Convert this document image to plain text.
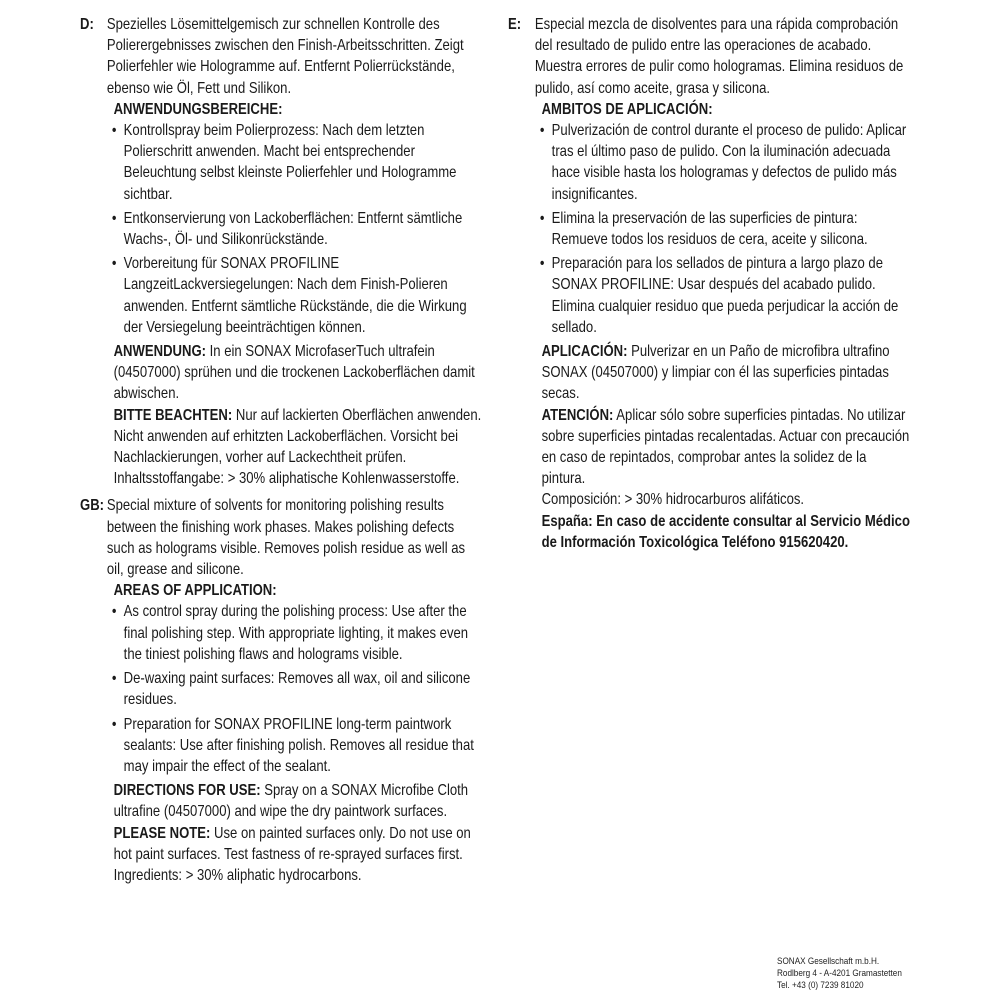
D: Spezielles Lösemittelgemisch zur schnellen Kontrolle des Polierergebnisses zwischen den Finish-Arbeitsschritten. Zeigt Polierfehler wie Hologramme auf. Entfernt Polierrückstände, ebenso wie Öl, Fett und Silikon.

ANWENDUNGSBEREICHE:

• Kontrollspray beim Polierprozess: Nach dem letzten Polierschritt anwenden. Macht bei entsprechender Beleuchtung selbst kleinste Polierfehler und Hologramme sichtbar.
• Entkonservierung von Lackoberflächen: Entfernt sämtliche Wachs-, Öl- und Silikonrückstände.
• Vorbereitung für SONAX PROFILINE LangzeitLackversiegelungen: Nach dem Finish-Polieren anwenden. Entfernt sämtliche Rückstände, die die Wirkung der Versiegelung beeinträchtigen können.

ANWENDUNG: In ein SONAX MicrofaserTuch ultrafein (04507000) sprühen und die trockenen Lackoberflächen damit abwischen.

BITTE BEACHTEN: Nur auf lackierten Oberflächen anwenden. Nicht anwenden auf erhitzten Lackoberflächen. Vorsicht bei Nachlackierungen, vorher auf Lackechtheit prüfen.

Inhaltsstoffangabe: > 30% aliphatische Kohlenwasserstoffe.

GB: Special mixture of solvents for monitoring polishing results between the finishing work phases. Makes polishing defects such as holograms visible. Removes polish residue as well as oil, grease and silicone.

AREAS OF APPLICATION:

• As control spray during the polishing process: Use after the final polishing step. With appropriate lighting, it makes even the tiniest polishing flaws and holograms visible.
• De-waxing paint surfaces: Removes all wax, oil and silicone residues.
• Preparation for SONAX PROFILINE long-term paintwork sealants: Use after finishing polish. Removes all residue that may impair the effect of the sealant.

DIRECTIONS FOR USE: Spray on a SONAX Microfibe Cloth ultrafine (04507000) and wipe the dry paintwork surfaces.

PLEASE NOTE: Use on painted surfaces only. Do not use on hot paint surfaces. Test fastness of re-sprayed surfaces first.

Ingredients: > 30% aliphatic hydrocarbons.

E: Especial mezcla de disolventes para una rápida comprobación del resultado de pulido entre las operaciones de acabado. Muestra errores de pulir como hologramas. Elimina residuos de pulido, así como aceite, grasa y silicona.

AMBITOS DE APLICACIÓN:

• Pulverización de control durante el proceso de pulido: Aplicar tras el último paso de pulido. Con la iluminación adecuada hace visible hasta los hologramas y defectos de pulido más insignificantes.
• Elimina la preservación de las superficies de pintura: Remueve todos los residuos de cera, aceite y silicona.
• Preparación para los sellados de pintura a largo plazo de SONAX PROFILINE: Usar después del acabado pulido. Elimina cualquier residuo que pueda perjudicar la acción de sellado.

APLICACIÓN: Pulverizar en un Paño de microfibra ultrafino SONAX (04507000) y limpiar con él las superficies pintadas secas.

ATENCIÓN: Aplicar sólo sobre superficies pintadas. No utilizar sobre superficies pintadas recalentadas. Actuar con precaución en caso de repintados, comprobar antes la solidez de la pintura.

Composición: > 30% hidrocarburos alifáticos.

España: En caso de accidente consultar al Servicio Médico de Información Toxicológica Teléfono 915620420.

SONAX Gesellschaft m.b.H.
Rodlberg 4 - A-4201 Gramastetten
Tel. +43 (0) 7239 81020
